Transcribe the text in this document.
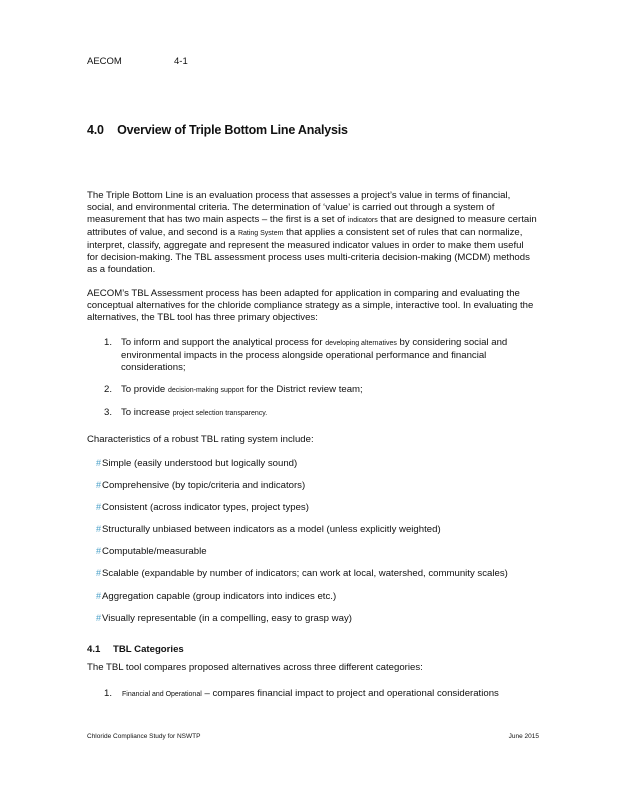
AECOM	4-1
4.0 Overview of Triple Bottom Line Analysis

The Triple Bottom Line is an evaluation process that assesses a project’s value in terms of financial, social, and environmental criteria. The determination of ‘value’ is carried out through a system of measurement that has two main aspects – the first is a set of indicators that are designed to measure certain attributes of value, and second is a Rating System that applies a consistent set of rules that can normalize, interpret, classify, aggregate and represent the measured indicator values in order to make them useful for decision-making. The TBL assessment process uses multi-criteria decision-making (MCDM) methods as a foundation.

AECOM’s TBL Assessment process has been adapted for application in comparing and evaluating the conceptual alternatives for the chloride compliance strategy as a simple, interactive tool. In evaluating the alternatives, the TBL tool has three primary objectives:

1. To inform and support the analytical process for developing alternatives by considering social and environmental impacts in the process alongside operational performance and financial considerations;
2. To provide decision-making support for the District review team;
3. To increase project selection transparency.

Characteristics of a robust TBL rating system include:

#Simple (easily understood but logically sound)
#Comprehensive (by topic/criteria and indicators)
#Consistent (across indicator types, project types)
#Structurally unbiased between indicators as a model (unless explicitly weighted)
#Computable/measurable
#Scalable (expandable by number of indicators; can work at local, watershed, community scales)
#Aggregation capable (group indicators into indices etc.)
#Visually representable (in a compelling, easy to grasp way)
4.1 TBL Categories

The TBL tool compares proposed alternatives across three different categories:

1. Financial and Operational – compares financial impact to project and operational considerations
Chloride Compliance Study for NSWTP	June 2015
